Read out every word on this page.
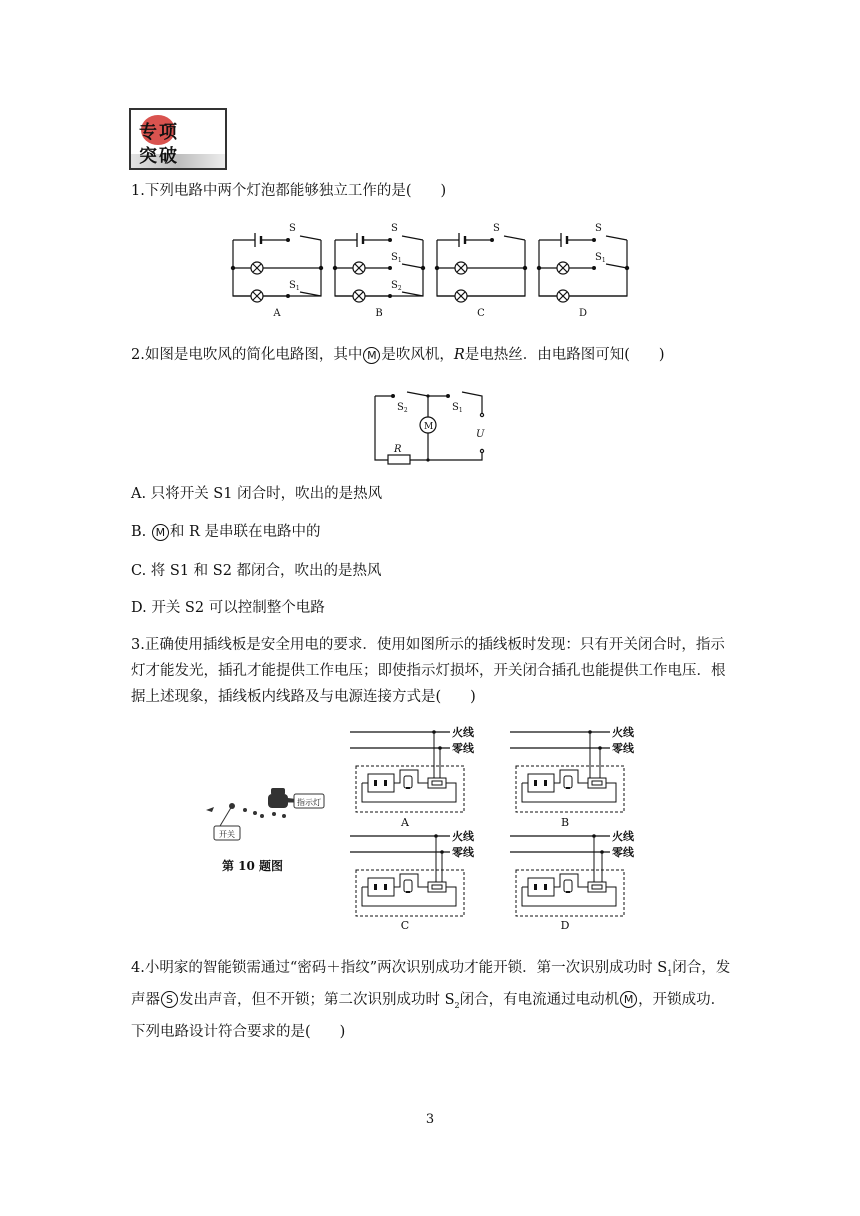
专项
突破
1.下列电路中两个灯泡都能够独立工作的是(　　)
S
$S_1$
S
$S_1$
$S_2$
S	S
$S_1$
A	B	C	D
2.如图是电吹风的简化电路图，其中 M 是吹风机，R是电热丝．由电路图可知(　　)
$S_2$	$S_1$
M
U
R
A. 只将开关 S1 闭合时，吹出的是热风
B. M 和 R 是串联在电路中的
C. 将 S1 和 S2 都闭合，吹出的是热风
D. 开关 S2 可以控制整个电路
3.正确使用插线板是安全用电的要求．使用如图所示的插线板时发现：只有开关闭合时，指示灯才能发光，插孔才能提供工作电压；即使指示灯损坏，开关闭合插孔也能提供工作电压．根据上述现象，插线板内线路及与电源连接方式是(　　)
开关
指示灯
第 10 题图
火线
零线
火线
零线
火线
零线
火线
零线
A	B
C	D
4.小明家的智能锁需通过“密码＋指纹”两次识别成功才能开锁．第一次识别成功时 $S_1$闭合，发声器 S 发出声音，但不开锁；第二次识别成功时 $S_2$闭合，有电流通过电动机 M ，开锁成功．下列电路设计符合要求的是(　　)
3
